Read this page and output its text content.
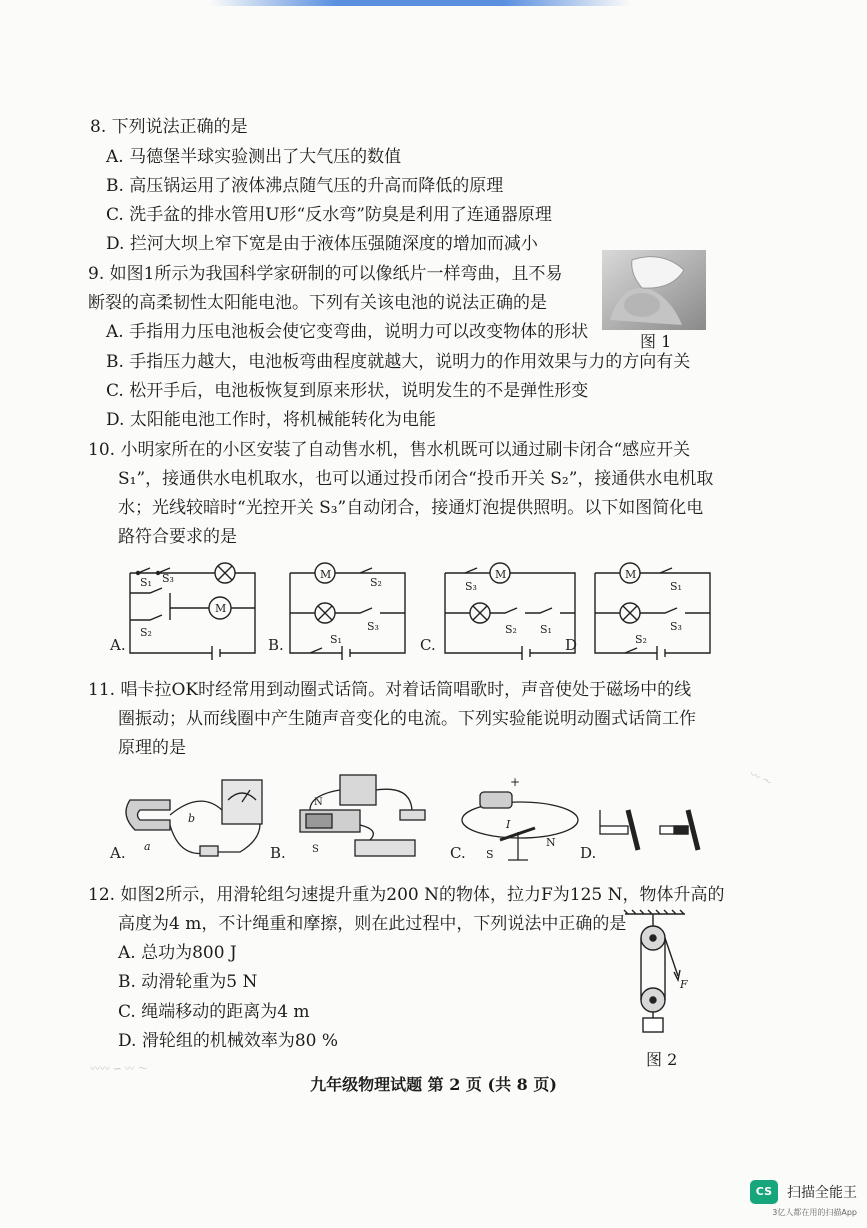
8. 下列说法正确的是
A. 马德堡半球实验测出了大气压的数值
B. 高压锅运用了液体沸点随气压的升高而降低的原理
C. 洗手盆的排水管用U形“反水弯”防臭是利用了连通器原理
D. 拦河大坝上窄下宽是由于液体压强随深度的增加而减小
9. 如图1所示为我国科学家研制的可以像纸片一样弯曲，且不易
断裂的高柔韧性太阳能电池。下列有关该电池的说法正确的是
A. 手指用力压电池板会使它变弯曲，说明力可以改变物体的形状
B. 手指压力越大，电池板弯曲程度就越大，说明力的作用效果与力的方向有关
C. 松开手后，电池板恢复到原来形状，说明发生的不是弹性形变
D. 太阳能电池工作时，将机械能转化为电能
图 1
10. 小明家所在的小区安装了自动售水机，售水机既可以通过刷卡闭合“感应开关
S₁”，接通供水电机取水，也可以通过投币闭合“投币开关 S₂”，接通供水电机取
水；光线较暗时“光控开关 S₃”自动闭合，接通灯泡提供照明。以下如图简化电
路符合要求的是
S₁ S₃
M
S₂
A.
M
S₂
S₃
S₁
B.
M
S₃
S₂ S₁
C.
M
S₁
S₃
S₂
D
11. 唱卡拉OK时经常用到动圈式话筒。对着话筒唱歌时，声音使处于磁场中的线
圈振动；从而线圈中产生随声音变化的电流。下列实验能说明动圈式话筒工作
原理的是
a
b
A.
N
S
B.
+
I
S
N
C.	D.
12. 如图2所示，用滑轮组匀速提升重为200 N的物体，拉力F为125 N，物体升高的
高度为4 m，不计绳重和摩擦，则在此过程中，下列说法中正确的是
A. 总功为800 J
B. 动滑轮重为5 N
C. 绳端移动的距离为4 m
D. 滑轮组的机械效率为80 %
F
图 2
〰〰 ∽ 〰 ～
〰 ～
九年级物理试题 第 2 页 (共 8 页)
CS 扫描全能王
3亿人都在用的扫描App
